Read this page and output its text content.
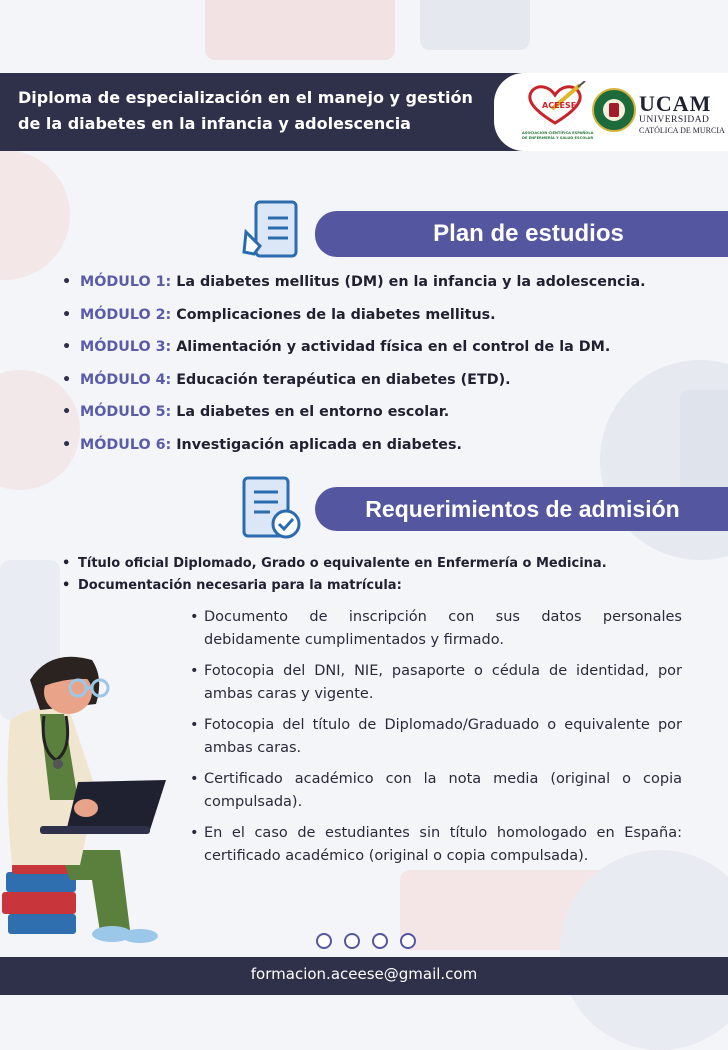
Diploma de especialización en el manejo y gestión
de la diabetes en la infancia y adolescencia
ACEESE
ASOCIACIÓN CIENTÍFICA ESPAÑOLA
DE ENFERMERÍA Y SALUD ESCOLAR
UCAM
UNIVERSIDAD
CATÓLICA DE MURCIA
Plan de estudios
• MÓDULO 1: La diabetes mellitus (DM) en la infancia y la adolescencia.
• MÓDULO 2: Complicaciones de la diabetes mellitus.
• MÓDULO 3: Alimentación y actividad física en el control de la DM.
• MÓDULO 4: Educación terapéutica en diabetes (ETD).
• MÓDULO 5: La diabetes en el entorno escolar.
• MÓDULO 6: Investigación aplicada en diabetes.
Requerimientos de admisión
• Título oficial Diplomado, Grado o equivalente en Enfermería o Medicina.
• Documentación necesaria para la matrícula:
• Documento de inscripción con sus datos personales debidamente cumplimentados y firmado.
• Fotocopia del DNI, NIE, pasaporte o cédula de identidad, por ambas caras y vigente.
• Fotocopia del título de Diplomado/Graduado o equivalente por ambas caras.
• Certificado académico con la nota media (original o copia compulsada).
• En el caso de estudiantes sin título homologado en España: certificado académico (original o copia compulsada).
formacion.aceese@gmail.com
